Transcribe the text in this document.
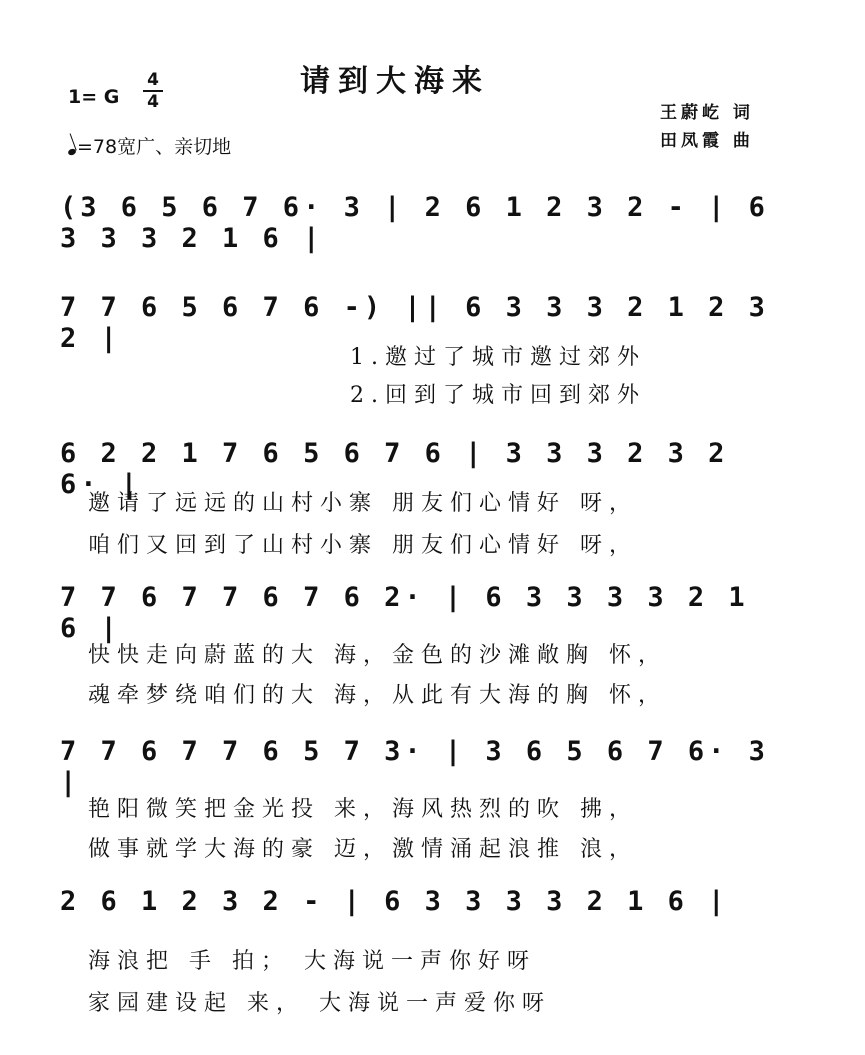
请到大海来
1= G
4
4
=78宽广、亲切地
王蔚屹 词
田凤霞 曲
(3 6 5 6 7 6· 3 | 2 6 1 2 3 2 - | 6 3 3 3 2 1 6 |
7 7 6 5 6 7 6 -) || 6 3 3 3 2 1 2 3 2 |
1.邀过了城市邀过郊外
2.回到了城市回到郊外
6 2 2 1 7 6 5 6 7 6 | 3 3 3 2 3 2 6· |
邀请了远远的山村小寨 朋友们心情好 呀，
咱们又回到了山村小寨 朋友们心情好 呀，
7 7 6 7 7 6 7 6 2· | 6 3 3 3 3 2 1 6 |
快快走向蔚蓝的大 海，金色的沙滩敞胸 怀，
魂牵梦绕咱们的大 海，从此有大海的胸 怀，
7 7 6 7 7 6 5 7 3· | 3 6 5 6 7 6· 3 |
艳阳微笑把金光投 来，海风热烈的吹 拂，
做事就学大海的豪 迈，激情涌起浪推 浪，
2 6 1 2 3 2 - | 6 3 3 3 3 2 1 6 |
海浪把 手 拍； 大海说一声你好呀
家园建设起 来， 大海说一声爱你呀
